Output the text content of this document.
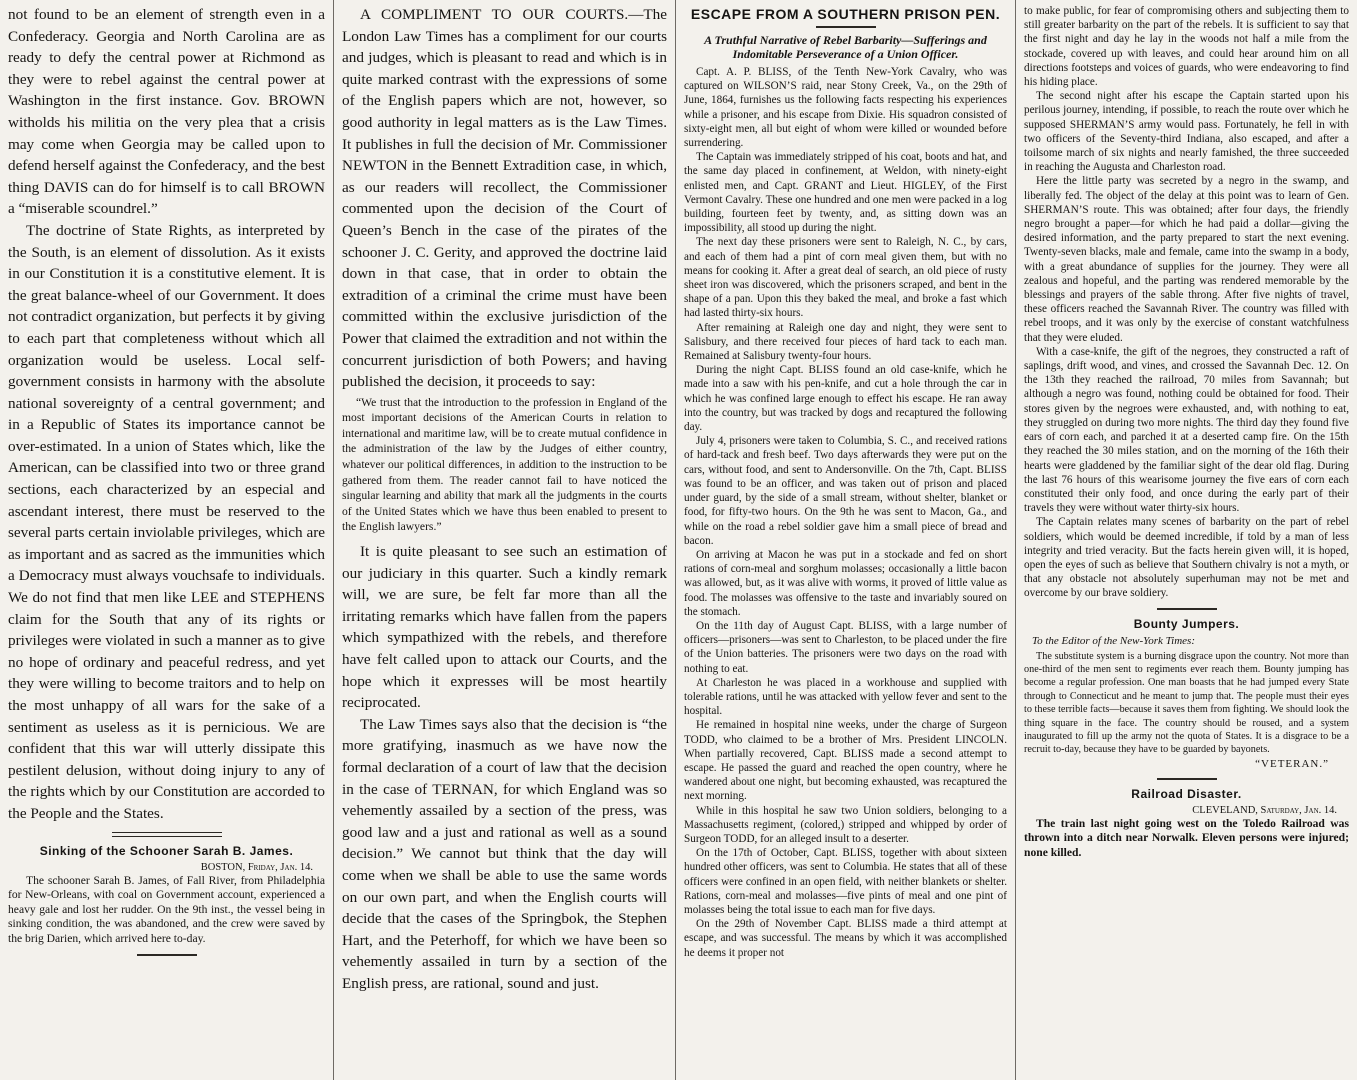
not found to be an element of strength even in a Confederacy. Georgia and North Carolina are as ready to defy the central power at Richmond as they were to rebel against the central power at Washington in the first instance. Gov. BROWN witholds his militia on the very plea that a crisis may come when Georgia may be called upon to defend herself against the Confederacy, and the best thing DAVIS can do for himself is to call BROWN a “miserable scoundrel.”

The doctrine of State Rights, as interpreted by the South, is an element of dissolution. As it exists in our Constitution it is a constitutive element. It is the great balance-wheel of our Government. It does not contradict organization, but perfects it by giving to each part that completeness without which all organization would be useless. Local self-government consists in harmony with the absolute national sovereignty of a central government; and in a Republic of States its importance cannot be over-estimated. In a union of States which, like the American, can be classified into two or three grand sections, each characterized by an especial and ascendant interest, there must be reserved to the several parts certain inviolable privileges, which are as important and as sacred as the immunities which a Democracy must always vouchsafe to individuals. We do not find that men like LEE and STEPHENS claim for the South that any of its rights or privileges were violated in such a manner as to give no hope of ordinary and peaceful redress, and yet they were willing to become traitors and to help on the most unhappy of all wars for the sake of a sentiment as useless as it is pernicious. We are confident that this war will utterly dissipate this pestilent delusion, without doing injury to any of the rights which by our Constitution are accorded to the People and the States.

Sinking of the Schooner Sarah B. James.
BOSTON, Friday, Jan. 14.

The schooner Sarah B. James, of Fall River, from Philadelphia for New-Orleans, with coal on Government account, experienced a heavy gale and lost her rudder. On the 9th inst., the vessel being in sinking condition, the was abandoned, and the crew were saved by the brig Darien, which arrived here to-day.

A COMPLIMENT TO OUR COURTS.—The London Law Times has a compliment for our courts and judges, which is pleasant to read and which is in quite marked contrast with the expressions of some of the English papers which are not, however, so good authority in legal matters as is the Law Times. It publishes in full the decision of Mr. Commissioner NEWTON in the Bennett Extradition case, in which, as our readers will recollect, the Commissioner commented upon the decision of the Court of Queen’s Bench in the case of the pirates of the schooner J. C. Gerity, and approved the doctrine laid down in that case, that in order to obtain the extradition of a criminal the crime must have been committed within the exclusive jurisdiction of the Power that claimed the extradition and not within the concurrent jurisdiction of both Powers; and having published the decision, it proceeds to say:

“We trust that the introduction to the profession in England of the most important decisions of the American Courts in relation to international and maritime law, will be to create mutual confidence in the administration of the law by the Judges of either country, whatever our political differences, in addition to the instruction to be gathered from them. The reader cannot fail to have noticed the singular learning and ability that mark all the judgments in the courts of the United States which we have thus been enabled to present to the English lawyers.”

It is quite pleasant to see such an estimation of our judiciary in this quarter. Such a kindly remark will, we are sure, be felt far more than all the irritating remarks which have fallen from the papers which sympathized with the rebels, and therefore have felt called upon to attack our Courts, and the hope which it expresses will be most heartily reciprocated.

The Law Times says also that the decision is “the more gratifying, inasmuch as we have now the formal declaration of a court of law that the decision in the case of TERNAN, for which England was so vehemently assailed by a section of the press, was good law and a just and rational as well as a sound decision.” We cannot but think that the day will come when we shall be able to use the same words on our own part, and when the English courts will decide that the cases of the Springbok, the Stephen Hart, and the Peterhoff, for which we have been so vehemently assailed in turn by a section of the English press, are rational, sound and just.

ESCAPE FROM A SOUTHERN PRISON PEN.
A Truthful Narrative of Rebel Barbarity—Sufferings and Indomitable Perseverance of a Union Officer.

Capt. A. P. BLISS, of the Tenth New-York Cavalry, who was captured on WILSON’S raid, near Stony Creek, Va., on the 29th of June, 1864, furnishes us the following facts respecting his experiences while a prisoner, and his escape from Dixie. His squadron consisted of sixty-eight men, all but eight of whom were killed or wounded before surrendering.

The Captain was immediately stripped of his coat, boots and hat, and the same day placed in confinement, at Weldon, with ninety-eight enlisted men, and Capt. GRANT and Lieut. HIGLEY, of the First Vermont Cavalry. These one hundred and one men were packed in a log building, fourteen feet by twenty, and, as sitting down was an impossibility, all stood up during the night.

The next day these prisoners were sent to Raleigh, N. C., by cars, and each of them had a pint of corn meal given them, but with no means for cooking it. After a great deal of search, an old piece of rusty sheet iron was discovered, which the prisoners scraped, and bent in the shape of a pan. Upon this they baked the meal, and broke a fast which had lasted thirty-six hours.

After remaining at Raleigh one day and night, they were sent to Salisbury, and there received four pieces of hard tack to each man. Remained at Salisbury twenty-four hours.

During the night Capt. BLISS found an old case-knife, which he made into a saw with his pen-knife, and cut a hole through the car in which he was confined large enough to effect his escape. He ran away into the country, but was tracked by dogs and recaptured the following day.

July 4, prisoners were taken to Columbia, S. C., and received rations of hard-tack and fresh beef. Two days afterwards they were put on the cars, without food, and sent to Andersonville. On the 7th, Capt. BLISS was found to be an officer, and was taken out of prison and placed under guard, by the side of a small stream, without shelter, blanket or food, for fifty-two hours. On the 9th he was sent to Macon, Ga., and while on the road a rebel soldier gave him a small piece of bread and bacon.

On arriving at Macon he was put in a stockade and fed on short rations of corn-meal and sorghum molasses; occasionally a little bacon was allowed, but, as it was alive with worms, it proved of little value as food. The molasses was offensive to the taste and invariably soured on the stomach.

On the 11th day of August Capt. BLISS, with a large number of officers—prisoners—was sent to Charleston, to be placed under the fire of the Union batteries. The prisoners were two days on the road with nothing to eat.

At Charleston he was placed in a workhouse and supplied with tolerable rations, until he was attacked with yellow fever and sent to the hospital.

He remained in hospital nine weeks, under the charge of Surgeon TODD, who claimed to be a brother of Mrs. President LINCOLN. When partially recovered, Capt. BLISS made a second attempt to escape. He passed the guard and reached the open country, where he wandered about one night, but becoming exhausted, was recaptured the next morning.

While in this hospital he saw two Union soldiers, belonging to a Massachusetts regiment, (colored,) stripped and whipped by order of Surgeon TODD, for an alleged insult to a deserter.

On the 17th of October, Capt. BLISS, together with about sixteen hundred other officers, was sent to Columbia. He states that all of these officers were confined in an open field, with neither blankets or shelter. Rations, corn-meal and molasses—five pints of meal and one pint of molasses being the total issue to each man for five days.

On the 29th of November Capt. BLISS made a third attempt at escape, and was successful. The means by which it was accomplished he deems it proper not

to make public, for fear of compromising others and subjecting them to still greater barbarity on the part of the rebels. It is sufficient to say that the first night and day he lay in the woods not half a mile from the stockade, covered up with leaves, and could hear around him on all directions footsteps and voices of guards, who were endeavoring to find his hiding place.

The second night after his escape the Captain started upon his perilous journey, intending, if possible, to reach the route over which he supposed SHERMAN’S army would pass. Fortunately, he fell in with two officers of the Seventy-third Indiana, also escaped, and after a toilsome march of six nights and nearly famished, the three succeeded in reaching the Augusta and Charleston road.

Here the little party was secreted by a negro in the swamp, and liberally fed. The object of the delay at this point was to learn of Gen. SHERMAN’S route. This was obtained; after four days, the friendly negro brought a paper—for which he had paid a dollar—giving the desired information, and the party prepared to start the next evening. Twenty-seven blacks, male and female, came into the swamp in a body, with a great abundance of supplies for the journey. They were all zealous and hopeful, and the parting was rendered memorable by the blessings and prayers of the sable throng. After five nights of travel, these officers reached the Savannah River. The country was filled with rebel troops, and it was only by the exercise of constant watchfulness that they were eluded.

With a case-knife, the gift of the negroes, they constructed a raft of saplings, drift wood, and vines, and crossed the Savannah Dec. 12. On the 13th they reached the railroad, 70 miles from Savannah; but although a negro was found, nothing could be obtained for food. Their stores given by the negroes were exhausted, and, with nothing to eat, they struggled on during two more nights. The third day they found five ears of corn each, and parched it at a deserted camp fire. On the 15th they reached the 30 miles station, and on the morning of the 16th their hearts were gladdened by the familiar sight of the dear old flag. During the last 76 hours of this wearisome journey the five ears of corn each constituted their only food, and once during the early part of their travels they were without water thirty-six hours.

The Captain relates many scenes of barbarity on the part of rebel soldiers, which would be deemed incredible, if told by a man of less integrity and tried veracity. But the facts herein given will, it is hoped, open the eyes of such as believe that Southern chivalry is not a myth, or that any obstacle not absolutely superhuman may not be met and overcome by our brave soldiery.

Bounty Jumpers.
To the Editor of the New-York Times:

The substitute system is a burning disgrace upon the country. Not more than one-third of the men sent to regiments ever reach them. Bounty jumping has become a regular profession. One man boasts that he had jumped every State through to Connecticut and he meant to jump that. The people must their eyes to these terrible facts—because it saves them from fighting. We should look the thing square in the face. The country should be roused, and a system inaugurated to fill up the army not the quota of States. It is a disgrace to be a recruit to-day, because they have to be guarded by bayonets.

“VETERAN.”
Railroad Disaster.
CLEVELAND, Saturday, Jan. 14.

The train last night going west on the Toledo Railroad was thrown into a ditch near Norwalk. Eleven persons were injured; none killed.
